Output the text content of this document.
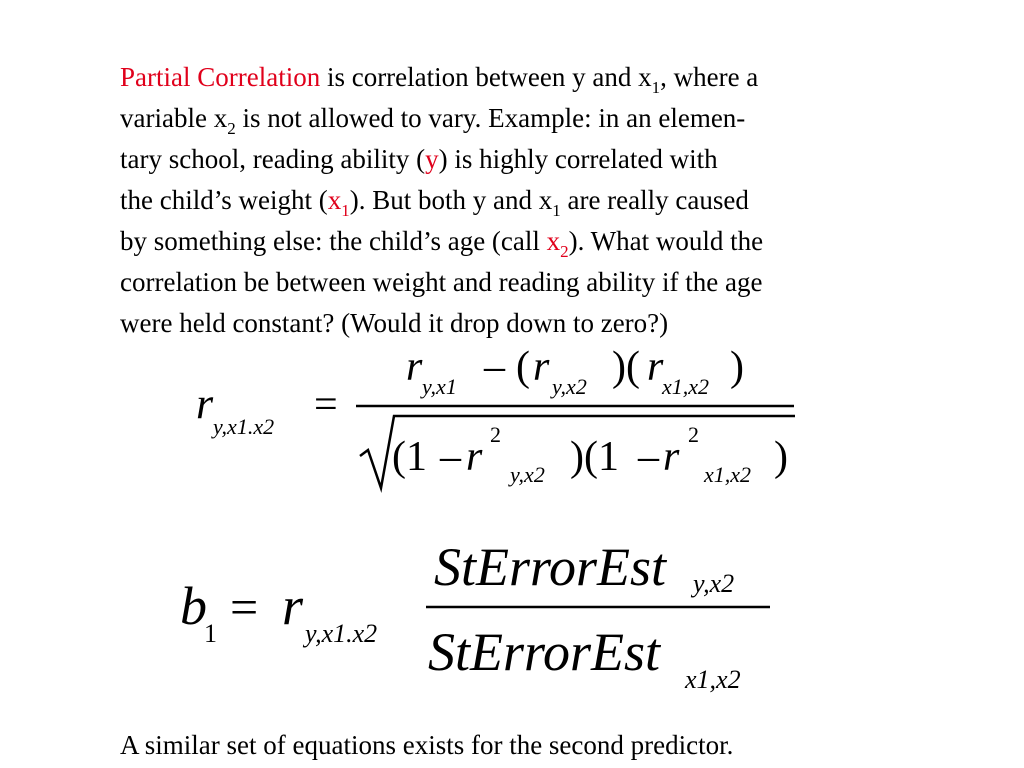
Partial Correlation is correlation between y and $x_1$, where a
variable $x_2$ is not allowed to vary. Example: in an elemen-
tary school, reading ability (y) is highly correlated with
the child’s weight $(x_1)$. But both y and $x_1$ are really caused
by something else: the child’s age (call $x_2$). What would the
correlation be between weight and reading ability if the age
were held constant? (Would it drop down to zero?)

r y,x1.x2 =
r y,x1 – ( r y,x2 )( r
x1,x2 )
(1 – r 2
y,x2 )(1 – r 2
x1,x2 )
b
1 = r y,x1.x2
StErrorEst y,x2
StErrorEst x1,x2

A similar set of equations exists for the second predictor.
